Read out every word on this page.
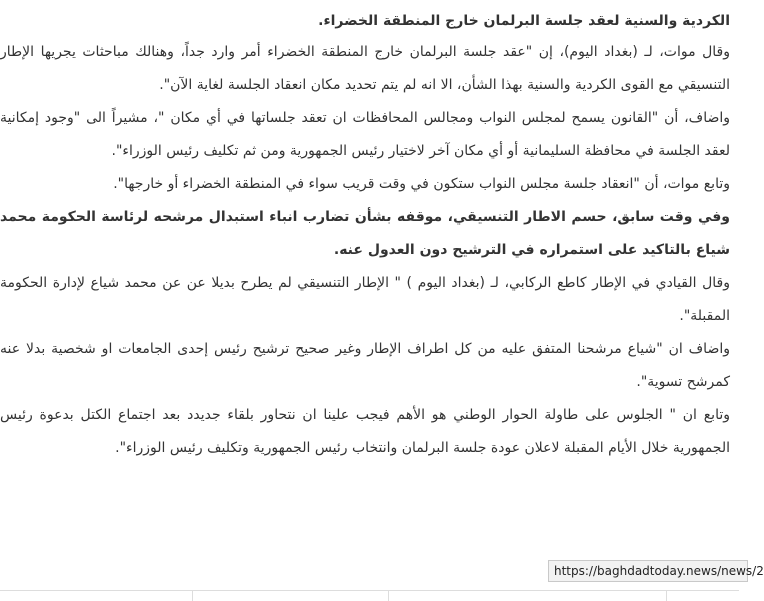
الكردية والسنية لعقد جلسة البرلمان خارج المنطقة الخضراء.

وقال موات، لـ (بغداد اليوم)، إن "عقد جلسة البرلمان خارج المنطقة الخضراء أمر وارد جداً، وهنالك مباحثات يجريها الإطار التنسيقي مع القوى الكردية والسنية بهذا الشأن، الا انه لم يتم تحديد مكان انعقاد الجلسة لغاية الآن".

واضاف، أن "القانون يسمح لمجلس النواب ومجالس المحافظات ان تعقد جلساتها في أي مكان "، مشيراً الى "وجود إمكانية لعقد الجلسة في محافظة السليمانية أو أي مكان آخر لاختيار رئيس الجمهورية ومن ثم تكليف رئيس الوزراء".

وتابع موات، أن "انعقاد جلسة مجلس النواب ستكون في وقت قريب سواء في المنطقة الخضراء أو خارجها".

وفي وقت سابق، حسم الاطار التنسيقي، موقفه بشأن تضارب انباء استبدال مرشحه لرئاسة الحكومة محمد شياع بالتاكيد على استمراره في الترشيح دون العدول عنه.

وقال القيادي في الإطار كاطع الركابي، لـ (بغداد اليوم ) " الإطار التنسيقي لم يطرح بديلا عن عن محمد شياع لإدارة الحكومة المقبلة".

واضاف ان "شياع مرشحنا المتفق عليه من كل اطراف الإطار وغير صحيح ترشيح رئيس إحدى الجامعات او شخصية بدلا عنه كمرشح تسوية".

وتابع ان " الجلوس على طاولة الحوار الوطني هو الأهم فيجب علينا ان نتحاور بلقاء جديدد بعد اجتماع الكتل بدعوة رئيس الجمهورية خلال الأيام المقبلة لاعلان عودة جلسة البرلمان وانتخاب رئيس الجمهورية وتكليف رئيس الوزراء".

https://baghdadtoday.news/news/2
